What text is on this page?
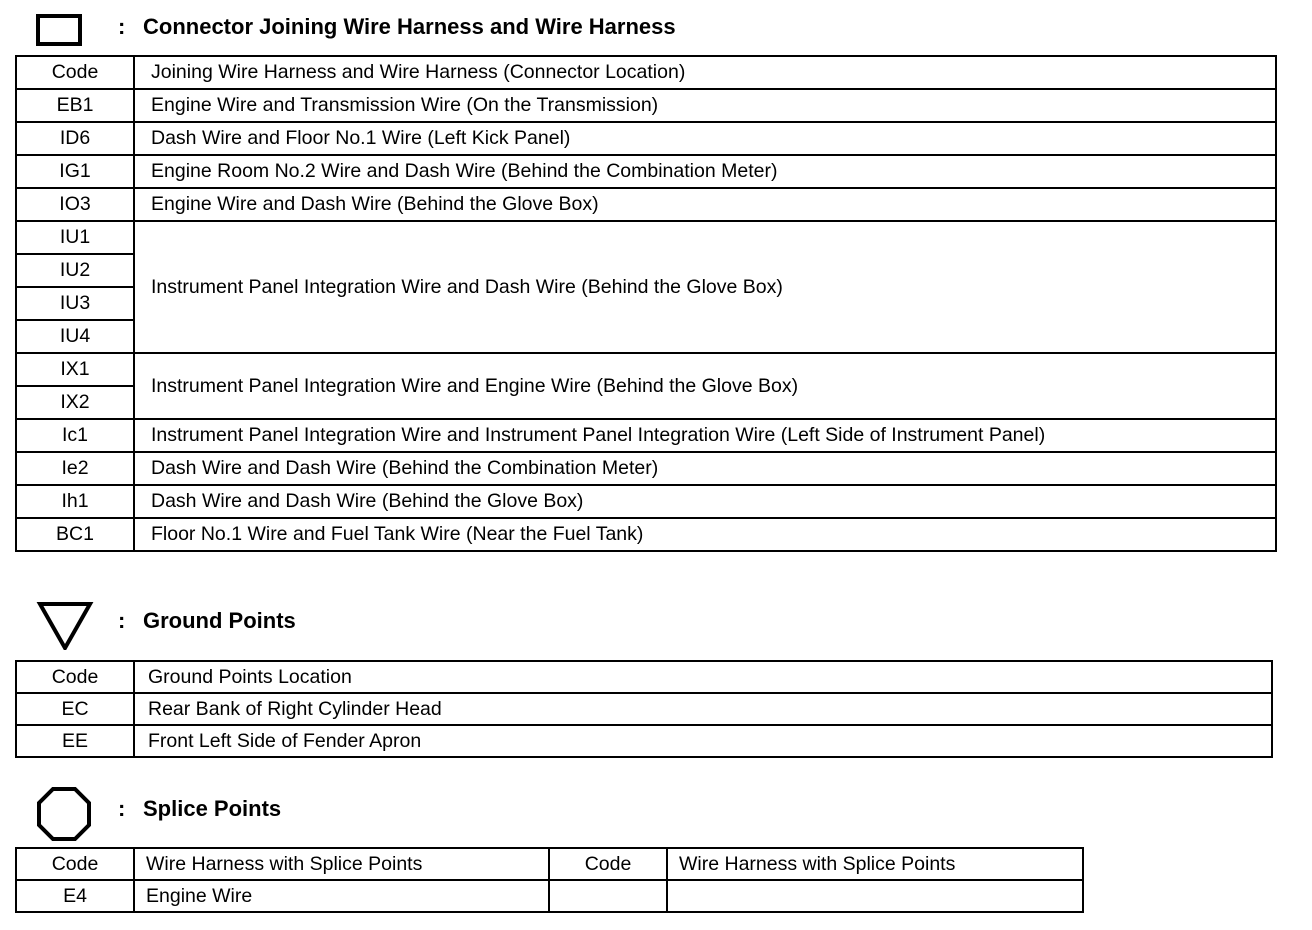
: Connector Joining Wire Harness and Wire Harness
Code	Joining Wire Harness and Wire Harness (Connector Location)
EB1	Engine Wire and Transmission Wire (On the Transmission)
ID6	Dash Wire and Floor No.1 Wire (Left Kick Panel)
IG1	Engine Room No.2 Wire and Dash Wire (Behind the Combination Meter)
IO3	Engine Wire and Dash Wire (Behind the Glove Box)
IU1	Instrument Panel Integration Wire and Dash Wire (Behind the Glove Box)
IU2	
IU3	
IU4	
IX1	Instrument Panel Integration Wire and Engine Wire (Behind the Glove Box)
IX2	
Ic1	Instrument Panel Integration Wire and Instrument Panel Integration Wire (Left Side of Instrument Panel)
Ie2	Dash Wire and Dash Wire (Behind the Combination Meter)
Ih1	Dash Wire and Dash Wire (Behind the Glove Box)
BC1	Floor No.1 Wire and Fuel Tank Wire (Near the Fuel Tank)
: Ground Points
Code	Ground Points Location
EC	Rear Bank of Right Cylinder Head
EE	Front Left Side of Fender Apron
: Splice Points
Code	Wire Harness with Splice Points	Code	Wire Harness with Splice Points
E4	Engine Wire		
